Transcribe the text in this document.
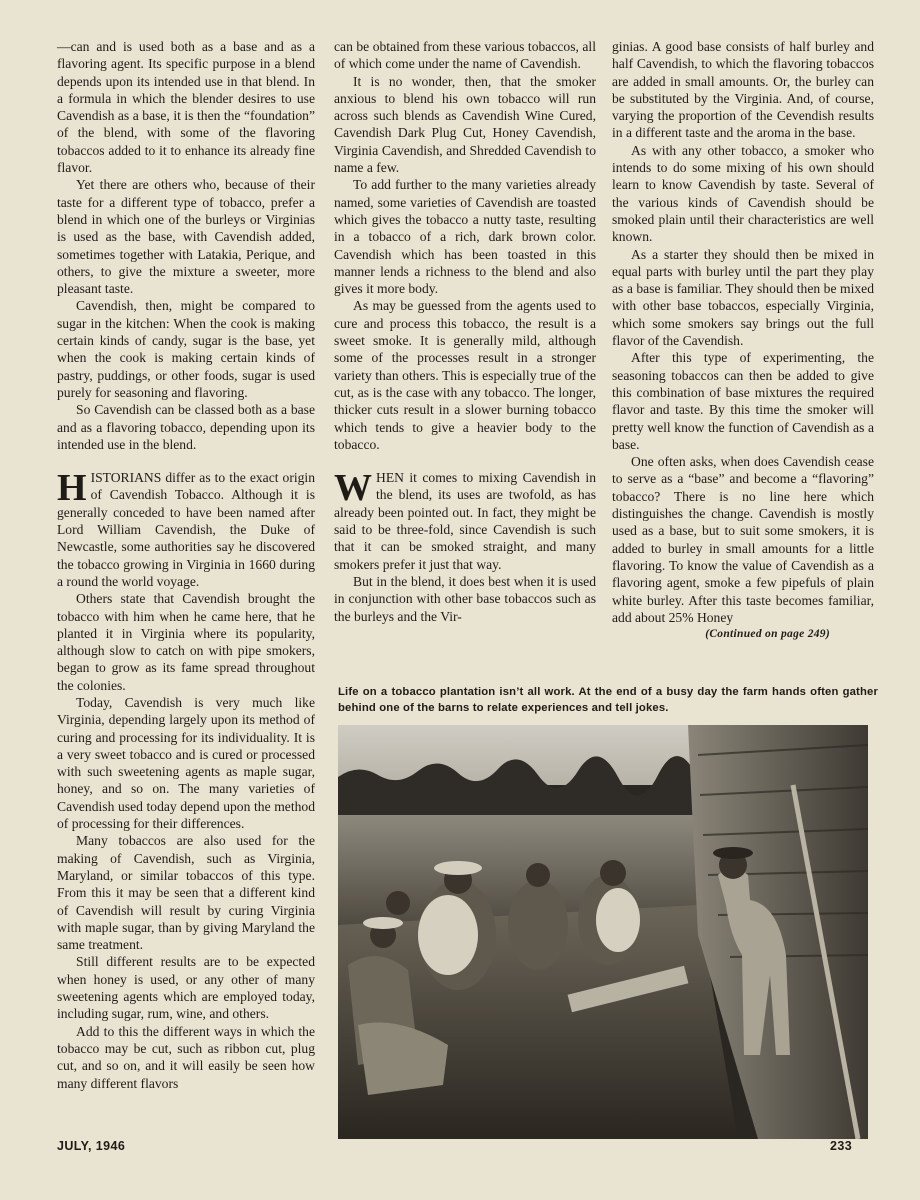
—can and is used both as a base and as a flavoring agent. Its specific purpose in a blend depends upon its intended use in that blend. In a formula in which the blender desires to use Cavendish as a base, it is then the “foundation” of the blend, with some of the flavoring tobaccos added to it to enhance its already fine flavor.

Yet there are others who, because of their taste for a different type of tobacco, prefer a blend in which one of the burleys or Virginias is used as the base, with Cavendish added, sometimes together with Latakia, Perique, and others, to give the mixture a sweeter, more pleasant taste.

Cavendish, then, might be compared to sugar in the kitchen: When the cook is making certain kinds of candy, sugar is the base, yet when the cook is making certain kinds of pastry, puddings, or other foods, sugar is used purely for seasoning and flavoring.

So Cavendish can be classed both as a base and as a flavoring tobacco, depending upon its intended use in the blend.

HISTORIANS differ as to the exact origin of Cavendish Tobacco. Although it is generally conceded to have been named after Lord William Cavendish, the Duke of Newcastle, some authorities say he discovered the tobacco growing in Virginia in 1660 during a round the world voyage.

Others state that Cavendish brought the tobacco with him when he came here, that he planted it in Virginia where its popularity, although slow to catch on with pipe smokers, began to grow as its fame spread throughout the colonies.

Today, Cavendish is very much like Virginia, depending largely upon its method of curing and processing for its individuality. It is a very sweet tobacco and is cured or processed with such sweetening agents as maple sugar, honey, and so on. The many varieties of Cavendish used today depend upon the method of processing for their differences.

Many tobaccos are also used for the making of Cavendish, such as Virginia, Maryland, or similar tobaccos of this type. From this it may be seen that a different kind of Cavendish will result by curing Virginia with maple sugar, than by giving Maryland the same treatment.

Still different results are to be expected when honey is used, or any other of many sweetening agents which are employed today, including sugar, rum, wine, and others.

Add to this the different ways in which the tobacco may be cut, such as ribbon cut, plug cut, and so on, and it will easily be seen how many different flavors

can be obtained from these various tobaccos, all of which come under the name of Cavendish.

It is no wonder, then, that the smoker anxious to blend his own tobacco will run across such blends as Cavendish Wine Cured, Cavendish Dark Plug Cut, Honey Cavendish, Virginia Cavendish, and Shredded Cavendish to name a few.

To add further to the many varieties already named, some varieties of Cavendish are toasted which gives the tobacco a nutty taste, resulting in a tobacco of a rich, dark brown color. Cavendish which has been toasted in this manner lends a richness to the blend and also gives it more body.

As may be guessed from the agents used to cure and process this tobacco, the result is a sweet smoke. It is generally mild, although some of the processes result in a stronger variety than others. This is especially true of the cut, as is the case with any tobacco. The longer, thicker cuts result in a slower burning tobacco which tends to give a heavier body to the tobacco.

WHEN it comes to mixing Cavendish in the blend, its uses are twofold, as has already been pointed out. In fact, they might be said to be three-fold, since Cavendish is such that it can be smoked straight, and many smokers prefer it just that way.

But in the blend, it does best when it is used in conjunction with other base tobaccos such as the burleys and the Vir-

ginias. A good base consists of half burley and half Cavendish, to which the flavoring tobaccos are added in small amounts. Or, the burley can be substituted by the Virginia. And, of course, varying the proportion of the Cevendish results in a different taste and the aroma in the base.

As with any other tobacco, a smoker who intends to do some mixing of his own should learn to know Cavendish by taste. Several of the various kinds of Cavendish should be smoked plain until their characteristics are well known.

As a starter they should then be mixed in equal parts with burley until the part they play as a base is familiar. They should then be mixed with other base tobaccos, especially Virginia, which some smokers say brings out the full flavor of the Cavendish.

After this type of experimenting, the seasoning tobaccos can then be added to give this combination of base mixtures the required flavor and taste. By this time the smoker will pretty well know the function of Cavendish as a base.

One often asks, when does Cavendish cease to serve as a “base” and become a “flavoring” tobacco? There is no line here which distinguishes the change. Cavendish is mostly used as a base, but to suit some smokers, it is added to burley in small amounts for a little flavoring. To know the value of Cavendish as a flavoring agent, smoke a few pipefuls of plain white burley. After this taste becomes familiar, add about 25% Honey

(Continued on page 249)
Life on a tobacco plantation isn’t all work. At the end of a busy day the farm hands often gather behind one of the barns to relate experiences and tell jokes.
JULY, 1946	233
